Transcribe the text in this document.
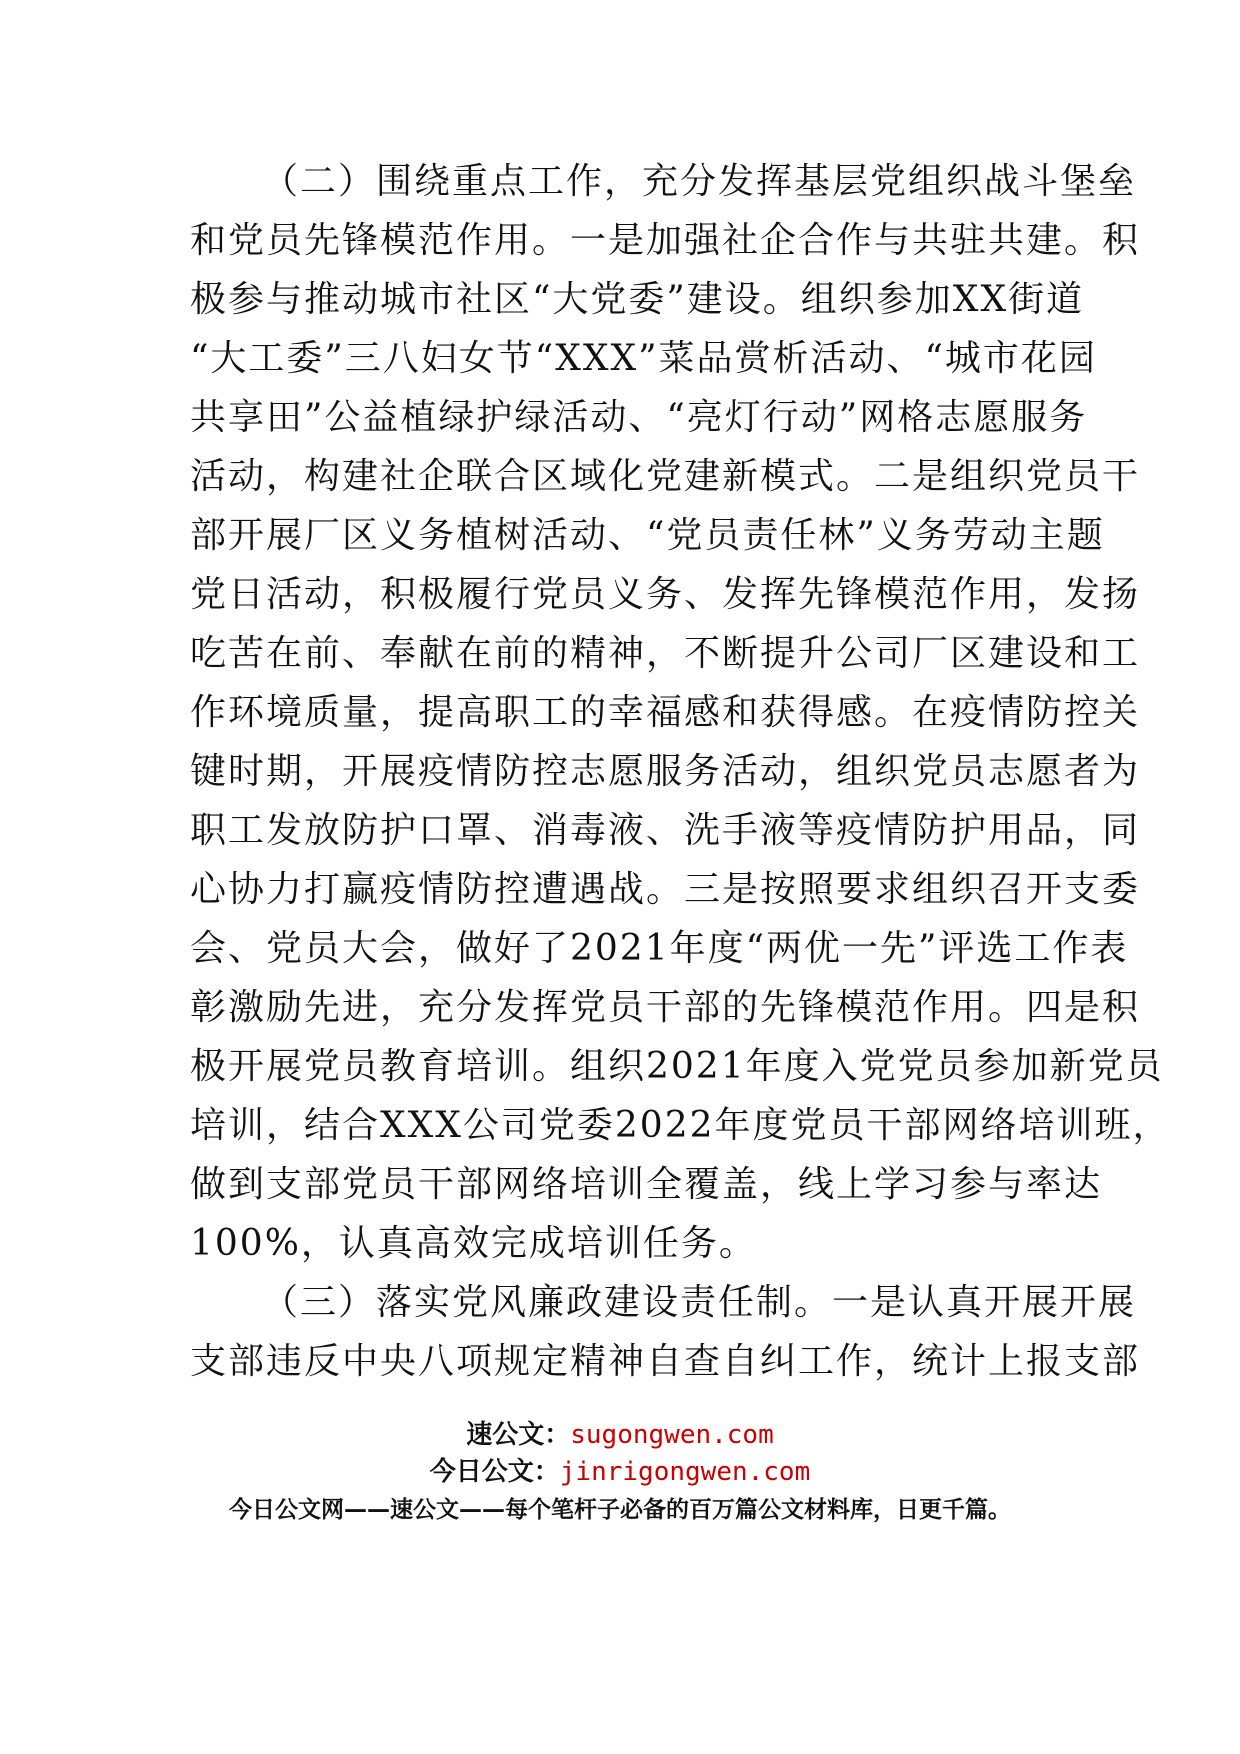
（二）围绕重点工作，充分发挥基层党组织战斗堡垒
和党员先锋模范作用。一是加强社企合作与共驻共建。积
极参与推动城市社区“大党委”建设。组织参加XX街道
“大工委”三八妇女节“XXX”菜品赏析活动、“城市花园
共享田”公益植绿护绿活动、“亮灯行动”网格志愿服务
活动，构建社企联合区域化党建新模式。二是组织党员干
部开展厂区义务植树活动、“党员责任林”义务劳动主题
党日活动，积极履行党员义务、发挥先锋模范作用，发扬
吃苦在前、奉献在前的精神，不断提升公司厂区建设和工
作环境质量，提高职工的幸福感和获得感。在疫情防控关
键时期，开展疫情防控志愿服务活动，组织党员志愿者为
职工发放防护口罩、消毒液、洗手液等疫情防护用品，同
心协力打赢疫情防控遭遇战。三是按照要求组织召开支委
会、党员大会，做好了2021年度“两优一先”评选工作表
彰激励先进，充分发挥党员干部的先锋模范作用。四是积
极开展党员教育培训。组织2021年度入党党员参加新党员
培训，结合XXX公司党委2022年度党员干部网络培训班，
做到支部党员干部网络培训全覆盖，线上学习参与率达
100%，认真高效完成培训任务。
（三）落实党风廉政建设责任制。一是认真开展开展
支部违反中央八项规定精神自查自纠工作，统计上报支部
速公文：sugongwen.com
今日公文：jinrigongwen.com
今日公文网——速公文——每个笔杆子必备的百万篇公文材料库，日更千篇。
